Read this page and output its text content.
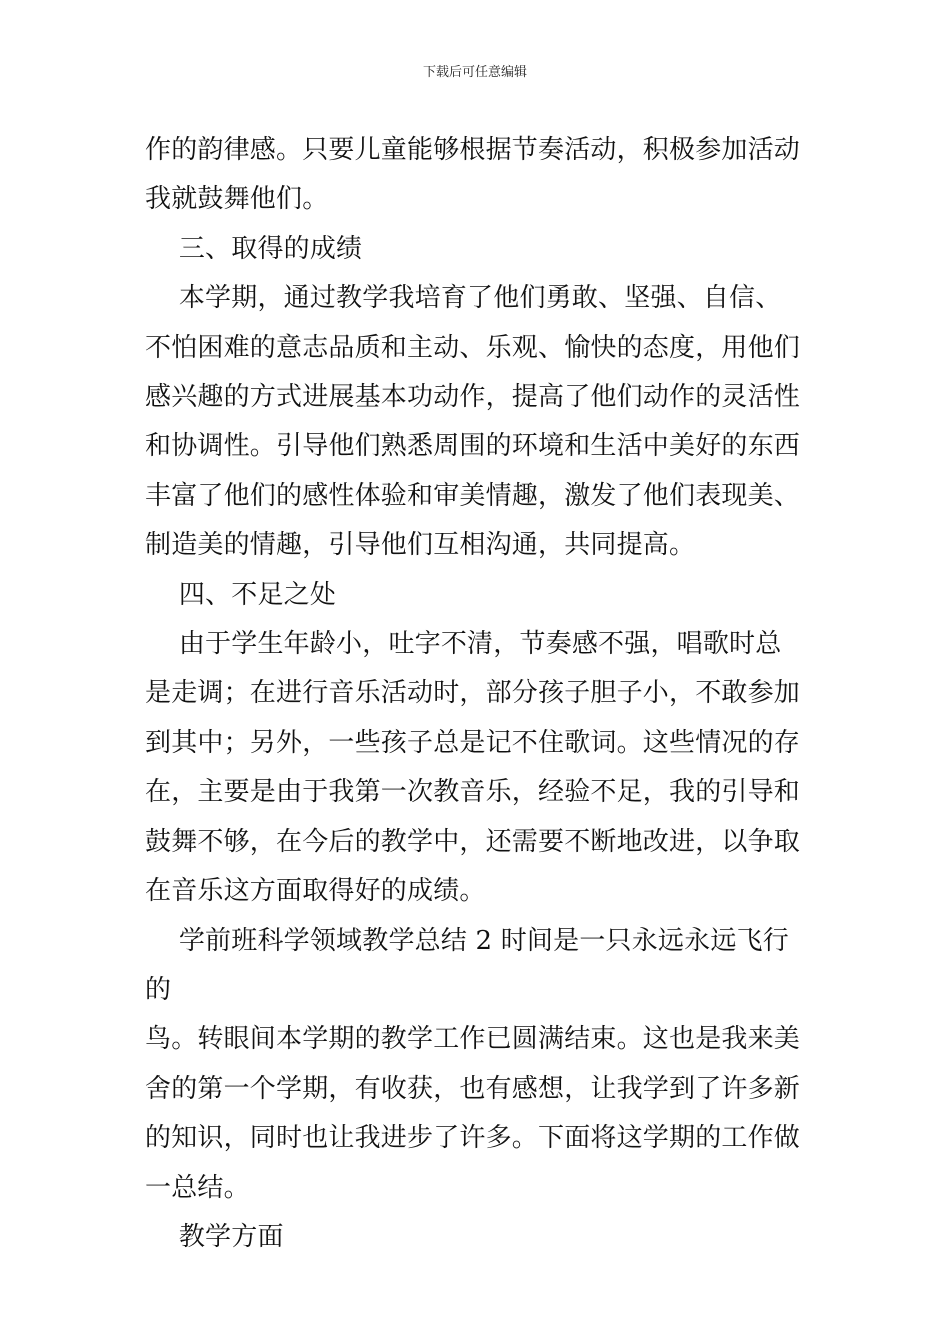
下载后可任意编辑

作的韵律感。只要儿童能够根据节奏活动，积极参加活动

我就鼓舞他们。

三、取得的成绩

本学期，通过教学我培育了他们勇敢、坚强、自信、

不怕困难的意志品质和主动、乐观、愉快的态度，用他们

感兴趣的方式进展基本功动作，提高了他们动作的灵活性

和协调性。引导他们熟悉周围的环境和生活中美好的东西

丰富了他们的感性体验和审美情趣，激发了他们表现美、

制造美的情趣，引导他们互相沟通，共同提高。

四、不足之处

由于学生年龄小，吐字不清，节奏感不强，唱歌时总

是走调；在进行音乐活动时，部分孩子胆子小，不敢参加

到其中；另外，一些孩子总是记不住歌词。这些情况的存

在，主要是由于我第一次教音乐，经验不足，我的引导和

鼓舞不够，在今后的教学中，还需要不断地改进，以争取

在音乐这方面取得好的成绩。

学前班科学领域教学总结 2 时间是一只永远永远飞行的

鸟。转眼间本学期的教学工作已圆满结束。这也是我来美

舍的第一个学期，有收获，也有感想，让我学到了许多新

的知识，同时也让我进步了许多。下面将这学期的工作做

一总结。

教学方面
